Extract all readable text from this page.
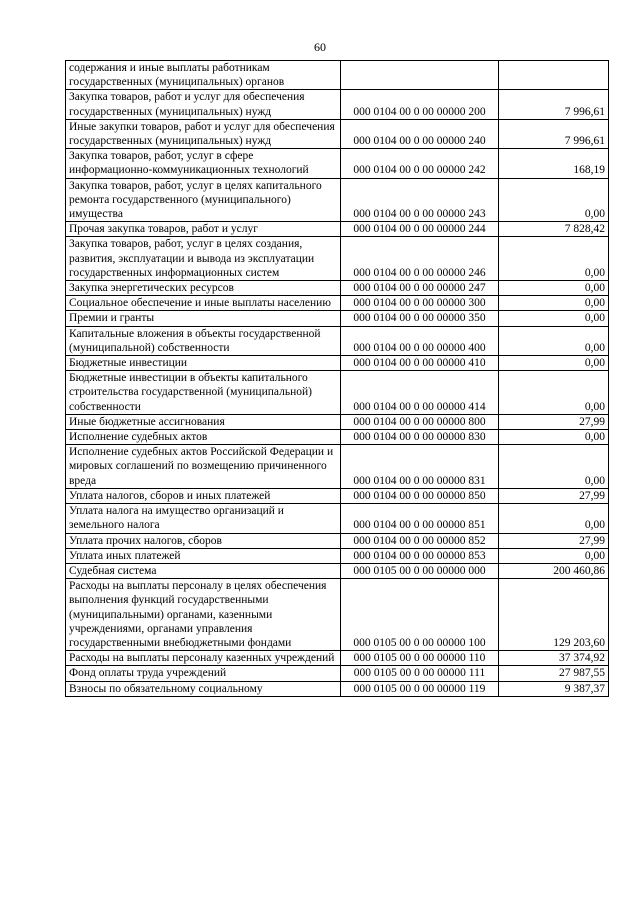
60
содержания и иные выплаты работникам государственных (муниципальных) органов		
Закупка товаров, работ и услуг для обеспечения государственных (муниципальных) нужд	000 0104 00 0 00 00000 200	7 996,61
Иные закупки товаров, работ и услуг для обеспечения государственных (муниципальных) нужд	000 0104 00 0 00 00000 240	7 996,61
Закупка товаров, работ, услуг в сфере информационно-коммуникационных технологий	000 0104 00 0 00 00000 242	168,19
Закупка товаров, работ, услуг в целях капитального ремонта государственного (муниципального) имущества	000 0104 00 0 00 00000 243	0,00
Прочая закупка товаров, работ и услуг	000 0104 00 0 00 00000 244	7 828,42
Закупка товаров, работ, услуг в целях создания, развития, эксплуатации и вывода из эксплуатации государственных информационных систем	000 0104 00 0 00 00000 246	0,00
Закупка энергетических ресурсов	000 0104 00 0 00 00000 247	0,00
Социальное обеспечение и иные выплаты населению	000 0104 00 0 00 00000 300	0,00
Премии и гранты	000 0104 00 0 00 00000 350	0,00
Капитальные вложения в объекты государственной (муниципальной) собственности	000 0104 00 0 00 00000 400	0,00
Бюджетные инвестиции	000 0104 00 0 00 00000 410	0,00
Бюджетные инвестиции в объекты капитального строительства государственной (муниципальной) собственности	000 0104 00 0 00 00000 414	0,00
Иные бюджетные ассигнования	000 0104 00 0 00 00000 800	27,99
Исполнение судебных актов	000 0104 00 0 00 00000 830	0,00
Исполнение судебных актов Российской Федерации и мировых соглашений по возмещению причиненного вреда	000 0104 00 0 00 00000 831	0,00
Уплата налогов, сборов и иных платежей	000 0104 00 0 00 00000 850	27,99
Уплата налога на имущество организаций и земельного налога	000 0104 00 0 00 00000 851	0,00
Уплата прочих налогов, сборов	000 0104 00 0 00 00000 852	27,99
Уплата иных платежей	000 0104 00 0 00 00000 853	0,00
Судебная система	000 0105 00 0 00 00000 000	200 460,86
Расходы на выплаты персоналу в целях обеспечения выполнения функций государственными (муниципальными) органами, казенными учреждениями, органами управления государственными внебюджетными фондами	000 0105 00 0 00 00000 100	129 203,60
Расходы на выплаты персоналу казенных учреждений	000 0105 00 0 00 00000 110	37 374,92
Фонд оплаты труда учреждений	000 0105 00 0 00 00000 111	27 987,55
Взносы по обязательному социальному	000 0105 00 0 00 00000 119	9 387,37
